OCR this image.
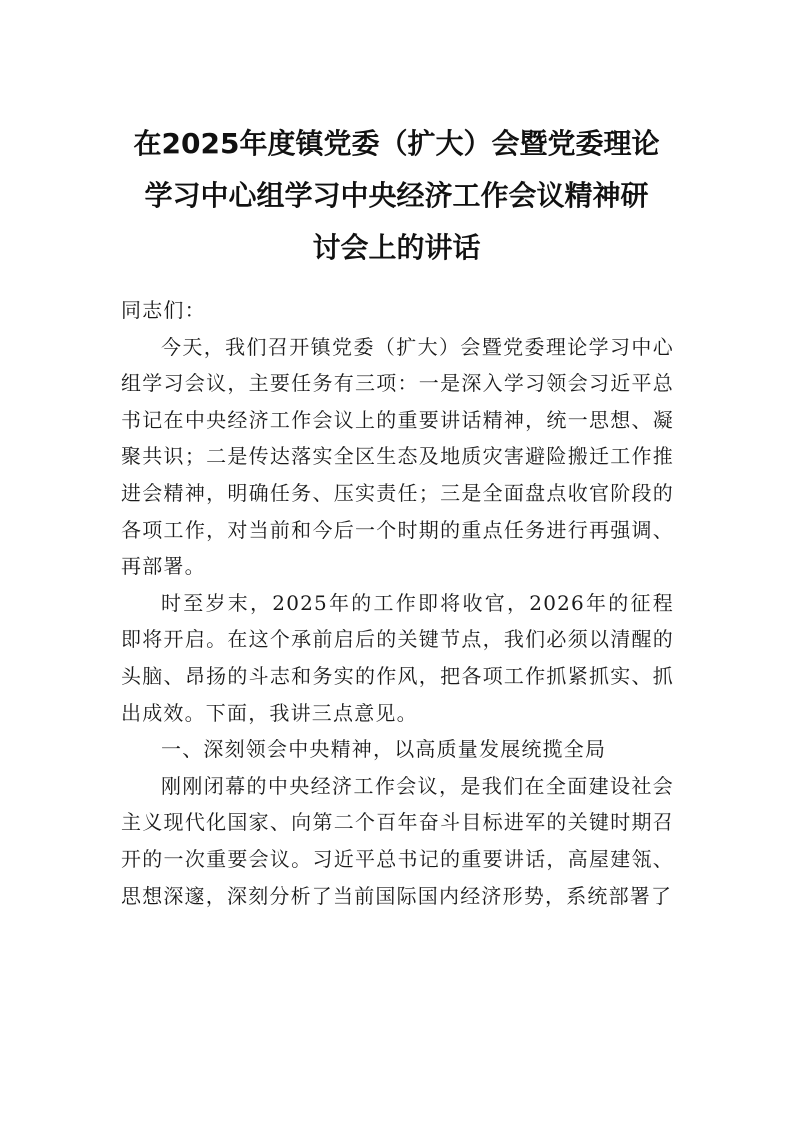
在2025年度镇党委（扩大）会暨党委理论
学习中心组学习中央经济工作会议精神研
讨会上的讲话

同志们：

今天，我们召开镇党委（扩大）会暨党委理论学习中心组学习会议，主要任务有三项：一是深入学习领会习近平总书记在中央经济工作会议上的重要讲话精神，统一思想、凝聚共识；二是传达落实全区生态及地质灾害避险搬迁工作推进会精神，明确任务、压实责任；三是全面盘点收官阶段的各项工作，对当前和今后一个时期的重点任务进行再强调、再部署。

时至岁末，2025年的工作即将收官，2026年的征程即将开启。在这个承前启后的关键节点，我们必须以清醒的头脑、昂扬的斗志和务实的作风，把各项工作抓紧抓实、抓出成效。下面，我讲三点意见。

一、深刻领会中央精神，以高质量发展统揽全局

刚刚闭幕的中央经济工作会议，是我们在全面建设社会主义现代化国家、向第二个百年奋斗目标进军的关键时期召开的一次重要会议。习近平总书记的重要讲话，高屋建瓴、思想深邃，深刻分析了当前国际国内经济形势，系统部署了
